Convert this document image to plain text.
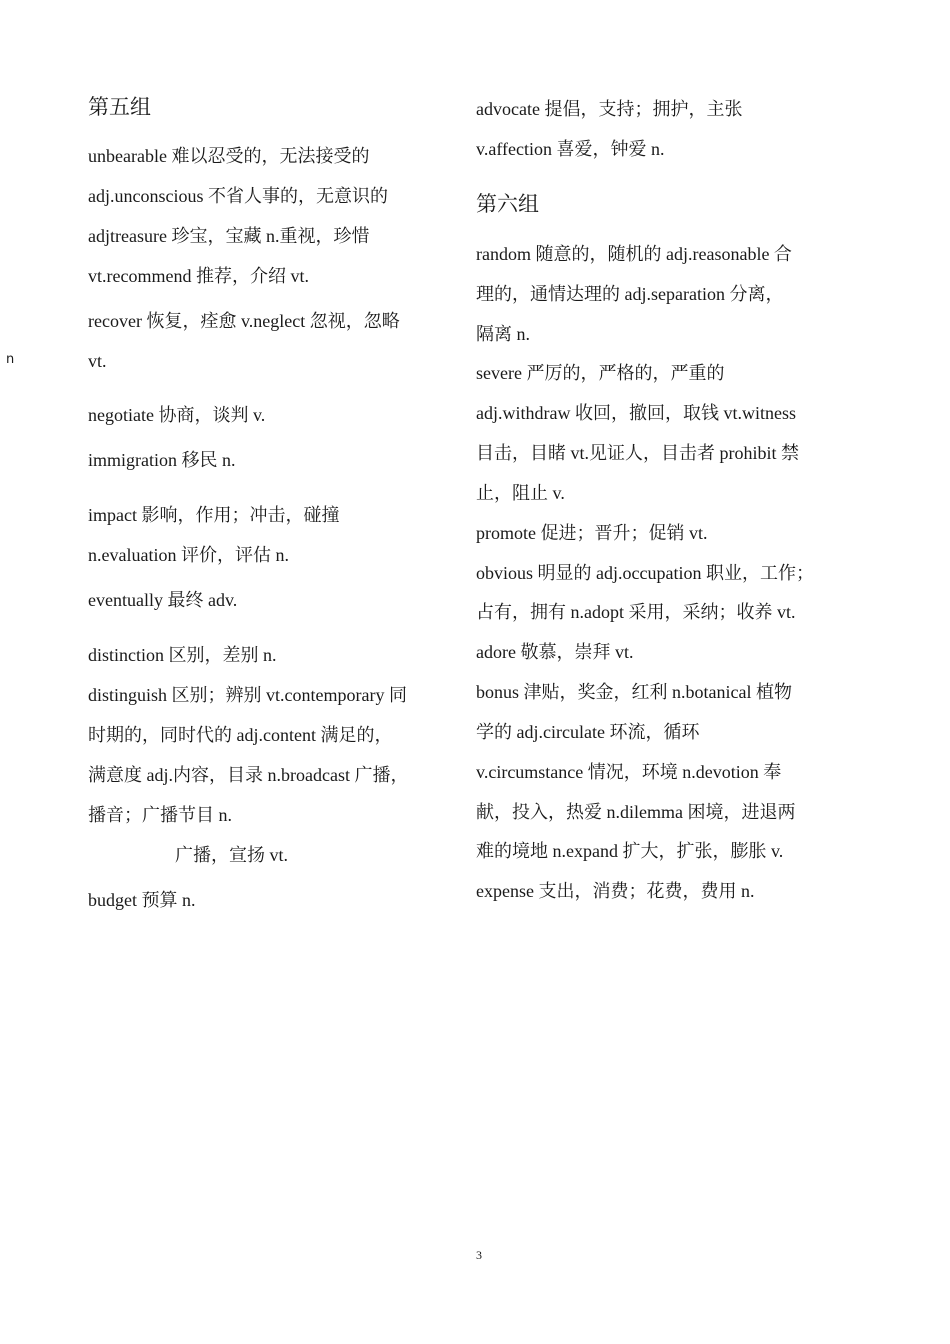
第五组
unbearable 难以忍受的，无法接受的
adj.unconscious 不省人事的，无意识的
adjtreasure 珍宝，宝藏 n.重视，珍惜
vt.recommend 推荐，介绍 vt.
recover 恢复，痊愈 v.neglect 忽视，忽略
vt.
negotiate 协商，谈判 v.
immigration 移民 n.
impact 影响，作用；冲击，碰撞
n.evaluation 评价，评估 n.
eventually 最终 adv.
distinction 区别，差别 n.
distinguish 区别；辨别 vt.contemporary 同
时期的，同时代的 adj.content 满足的，
满意度 adj.内容，目录 n.broadcast 广播，
播音；广播节目 n.
广播，宣扬 vt.
budget 预算 n.
advocate 提倡，支持；拥护，主张
v.affection 喜爱，钟爱 n.
第六组
random 随意的，随机的 adj.reasonable 合
理的，通情达理的 adj.separation 分离，
隔离 n.
severe 严厉的，严格的，严重的
adj.withdraw 收回，撤回，取钱 vt.witness
目击，目睹 vt.见证人，目击者 prohibit 禁
止，阻止 v.
promote 促进；晋升；促销 vt.
obvious 明显的 adj.occupation 职业，工作；
占有，拥有 n.adopt 采用，采纳；收养 vt.
adore 敬慕，崇拜 vt.
bonus 津贴，奖金，红利 n.botanical 植物
学的 adj.circulate 环流，循环
v.circumstance 情况，环境 n.devotion 奉
献，投入，热爱 n.dilemma 困境，进退两
难的境地 n.expand 扩大，扩张，膨胀 v.
expense 支出，消费；花费，费用 n.
n
3
